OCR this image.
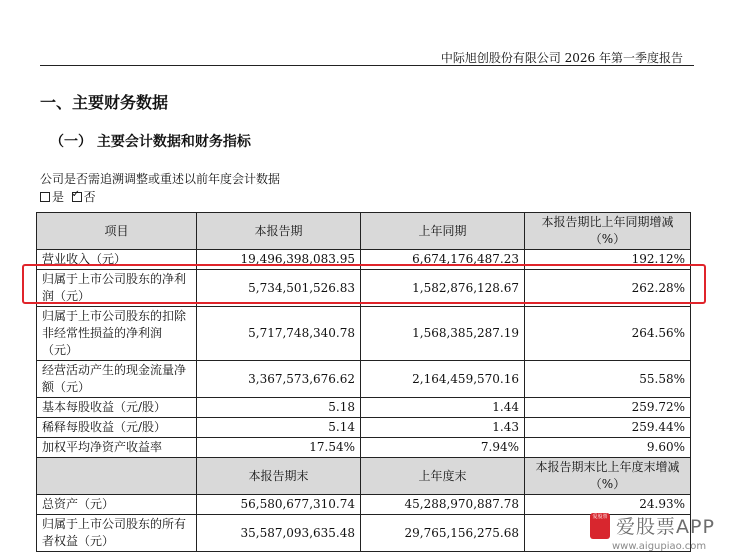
中际旭创股份有限公司 2026 年第一季度报告
一、主要财务数据
（一） 主要会计数据和财务指标
公司是否需追溯调整或重述以前年度会计数据
是 ✓ 否
项目	本报告期	上年同期	本报告期比上年同期增减（%）
营业收入（元）	19,496,398,083.95	6,674,176,487.23	192.12%
归属于上市公司股东的净利润（元）	5,734,501,526.83	1,582,876,128.67	262.28%
归属于上市公司股东的扣除非经常性损益的净利润（元）	5,717,748,340.78	1,568,385,287.19	264.56%
经营活动产生的现金流量净额（元）	3,367,573,676.62	2,164,459,570.16	55.58%
基本每股收益（元/股）	5.18	1.44	259.72%
稀释每股收益（元/股）	5.14	1.43	259.44%
加权平均净资产收益率	17.54%	7.94%	9.60%
	本报告期末	上年度末	本报告期末比上年度末增减（%）
总资产（元）	56,580,677,310.74	45,288,970,887.78	24.93%
归属于上市公司股东的所有者权益（元）	35,587,093,635.48	29,765,156,275.68	
爱股票 爱股票APP
www.aigupiao.com
